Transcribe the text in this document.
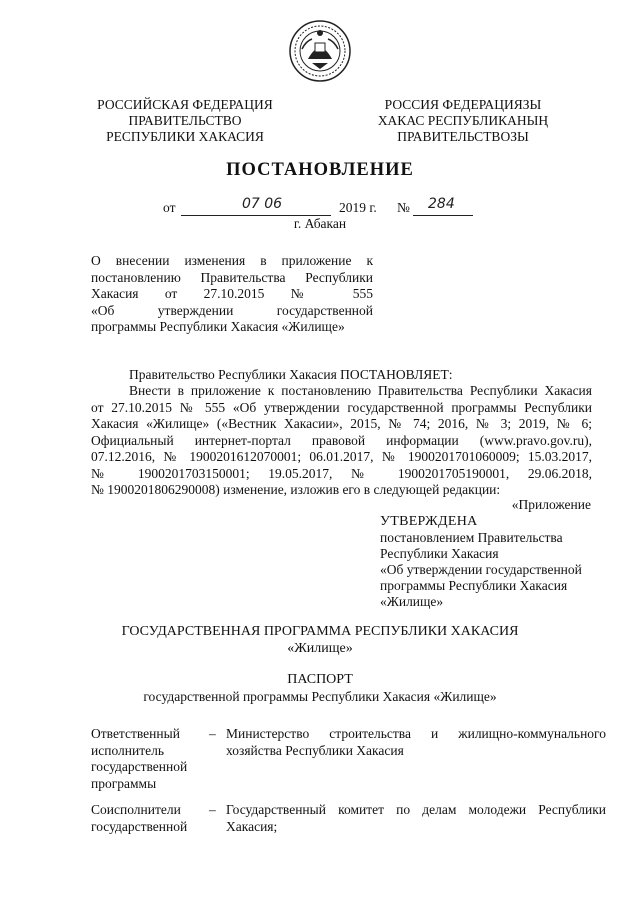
РОССИЙСКАЯ ФЕДЕРАЦИЯ
ПРАВИТЕЛЬСТВО
РЕСПУБЛИКИ ХАКАСИЯ
РОССИЯ ФЕДЕРАЦИЯЗЫ
ХАКАС РЕСПУБЛИКАНЫҢ
ПРАВИТЕЛЬСТВОЗЫ
ПОСТАНОВЛЕНИЕ
от	07 06	2019 г. № 284
г. Абакан
О внесении изменения в приложение к
постановлению Правительства Республики
Хакасия от 27.10.2015 № 555
«Об утверждении государственной
программы Республики Хакасия «Жилище»
Правительство Республики Хакасия ПОСТАНОВЛЯЕТ:
Внести в приложение к постановлению Правительства Республики Хакасия
от 27.10.2015 № 555 «Об утверждении государственной программы Республики
Хакасия «Жилище» («Вестник Хакасии», 2015, № 74; 2016, № 3; 2019, № 6;
Официальный интернет-портал правовой информации (www.pravo.gov.ru),
07.12.2016, № 1900201612070001; 06.01.2017, № 1900201701060009; 15.03.2017,
№ 1900201703150001; 19.05.2017, № 1900201705190001, 29.06.2018,
№ 1900201806290008) изменение, изложив его в следующей редакции:
«Приложение
УТВЕРЖДЕНА
постановлением Правительства
Республики Хакасия
«Об утверждении государственной
программы Республики Хакасия
«Жилище»
ГОСУДАРСТВЕННАЯ ПРОГРАММА РЕСПУБЛИКИ ХАКАСИЯ
«Жилище»
ПАСПОРТ
государственной программы Республики Хакасия «Жилище»
Ответственный
исполнитель
государственной
программы
– Министерство строительства и жилищно-коммунального
хозяйства Республики Хакасия
Соисполнители
государственной
– Государственный комитет по делам молодежи Республики
Хакасия;
